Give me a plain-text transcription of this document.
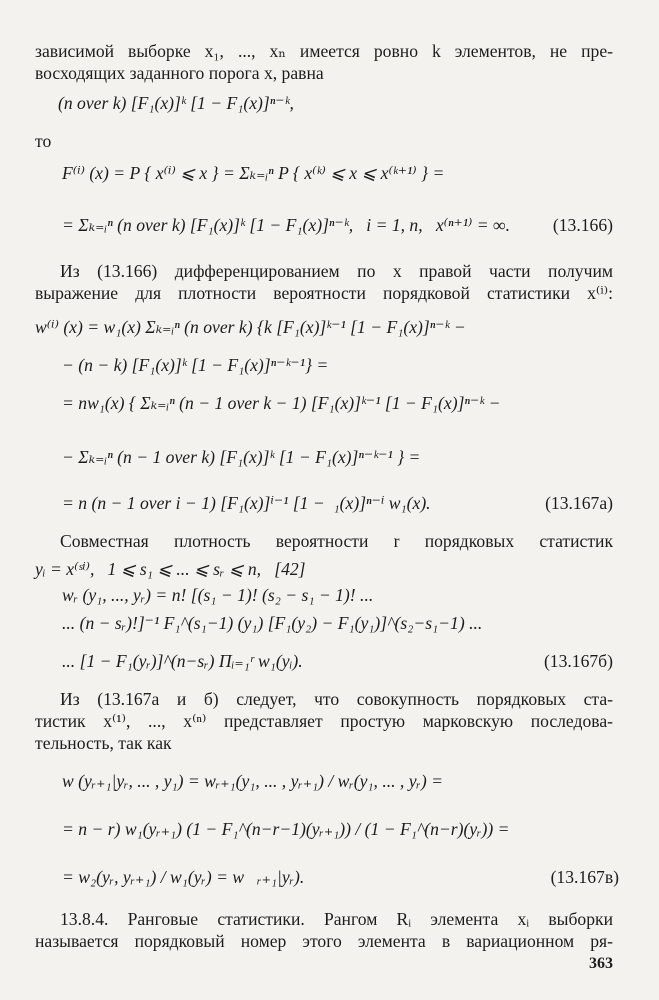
зависимой выборке x₁, ..., xₙ имеется ровно k элементов, не пре-
восходящих заданного порога x, равна
(n over k) [F₁(x)]ᵏ [1 − F₁(x)]ⁿ⁻ᵏ,
то
F⁽ⁱ⁾ (x) = P { x⁽ⁱ⁾ ⩽ x } = Σₖ₌ᵢⁿ P { x⁽ᵏ⁾ ⩽ x ⩽ x⁽ᵏ⁺¹⁾ } =
= Σₖ₌ᵢⁿ (n over k) [F₁(x)]ᵏ [1 − F₁(x)]ⁿ⁻ᵏ,   i = 1, n,   x⁽ⁿ⁺¹⁾ = ∞. (13.166)
Из (13.166) дифференцированием по x правой части получим
выражение для плотности вероятности порядковой статистики x⁽ⁱ⁾:
w⁽ⁱ⁾ (x) = w₁(x) Σₖ₌ᵢⁿ (n over k) {k [F₁(x)]ᵏ⁻¹ [1 − F₁(x)]ⁿ⁻ᵏ −
− (n − k) [F₁(x)]ᵏ [1 − F₁(x)]ⁿ⁻ᵏ⁻¹} =
= nw₁(x) { Σₖ₌ᵢⁿ (n − 1 over k − 1) [F₁(x)]ᵏ⁻¹ [1 − F₁(x)]ⁿ⁻ᵏ −
− Σₖ₌ᵢⁿ (n − 1 over k) [F₁(x)]ᵏ [1 − F₁(x)]ⁿ⁻ᵏ⁻¹ } =
= n (n − 1 over i − 1) [F₁(x)]ⁱ⁻¹ [1 −  ₁(x)]ⁿ⁻ⁱ w₁(x).	(13.167а)
Совместная плотность вероятности r порядковых статистик
yᵢ = x⁽ˢⁱ⁾,   1 ⩽ s₁ ⩽ ... ⩽ sᵣ ⩽ n,   [42]
wᵣ (y₁, ..., yᵣ) = n! [(s₁ − 1)! (s₂ − s₁ − 1)! ...
... (n − sᵣ)!]⁻¹ F₁^(s₁−1) (y₁) [F₁(y₂) − F₁(y₁)]^(s₂−s₁−1) ...
... [1 − F₁(yᵣ)]^(n−sᵣ) Πᵢ₌₁ʳ w₁(yᵢ).	(13.167б)
Из (13.167а и б) следует, что совокупность порядковых ста-
тистик x⁽¹⁾, ..., x⁽ⁿ⁾ представляет простую марковскую последова-
тельность, так как
w (yᵣ₊₁|yᵣ, ... , y₁) = wᵣ₊₁(y₁, ... , yᵣ₊₁) / wᵣ(y₁, ... , yᵣ) =
= n − r) w₁(yᵣ₊₁) (1 − F₁^(n−r−1)(yᵣ₊₁)) / (1 − F₁^(n−r)(yᵣ)) =
= w₂(yᵣ, yᵣ₊₁) / w₁(yᵣ) = w   ᵣ₊₁|yᵣ).	(13.167в)
13.8.4. Ранговые статистики. Рангом Rᵢ элемента xᵢ выборки
называется порядковый номер этого элемента в вариационном ря-
363
